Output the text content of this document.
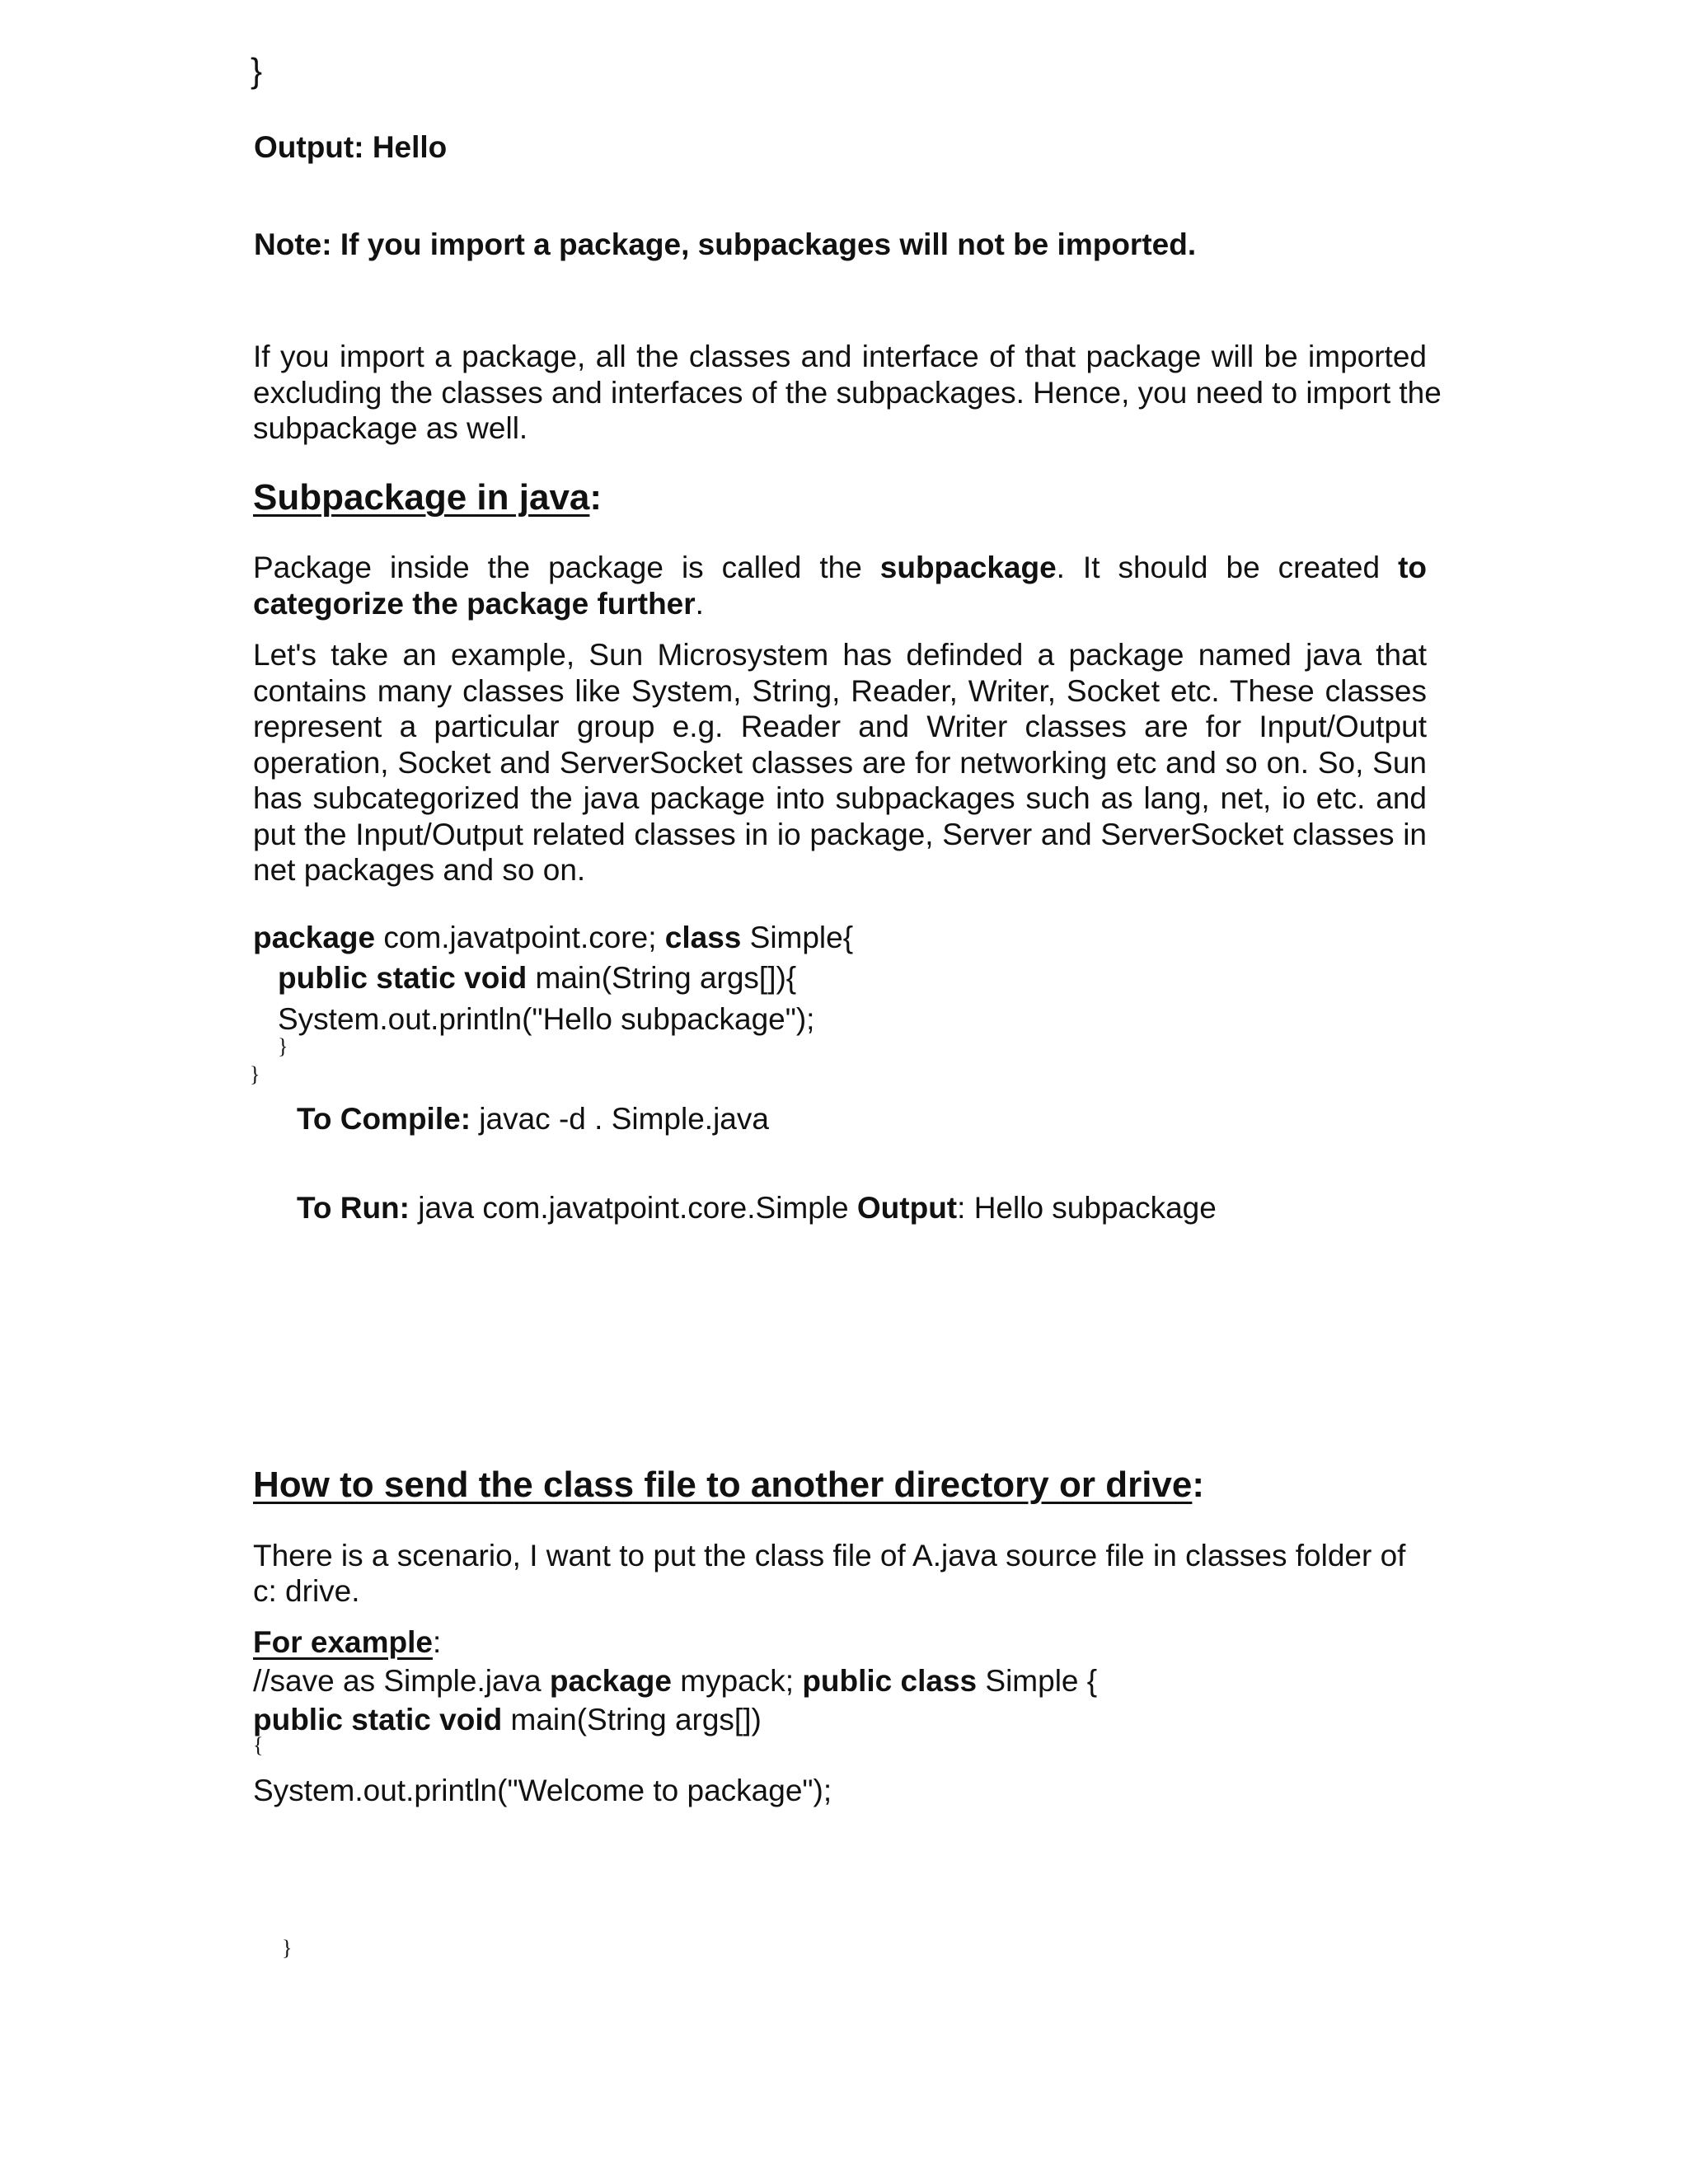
}
Output: Hello
Note: If you import a package, subpackages will not be imported.
If you import a package, all the classes and interface of that package will be imported
excluding the classes and interfaces of the subpackages. Hence, you need to import the
subpackage as well.
Subpackage in java:
Package inside the package is called the subpackage. It should be created to
categorize the package further.
Let's take an example, Sun Microsystem has definded a package named java that
contains many classes like System, String, Reader, Writer, Socket etc. These classes
represent a particular group e.g. Reader and Writer classes are for Input/Output
operation, Socket and ServerSocket classes are for networking etc and so on. So, Sun
has subcategorized the java package into subpackages such as lang, net, io etc. and
put the Input/Output related classes in io package, Server and ServerSocket classes in
net packages and so on.
package com.javatpoint.core; class Simple{
public static void main(String args[]){
System.out.println("Hello subpackage");
}
}
To Compile: javac -d . Simple.java
To Run: java com.javatpoint.core.Simple Output: Hello subpackage
How to send the class file to another directory or drive:
There is a scenario, I want to put the class file of A.java source file in classes folder of
c: drive.
For example:
//save as Simple.java package mypack; public class Simple {
public static void main(String args[])
{
System.out.println("Welcome to package");
}
